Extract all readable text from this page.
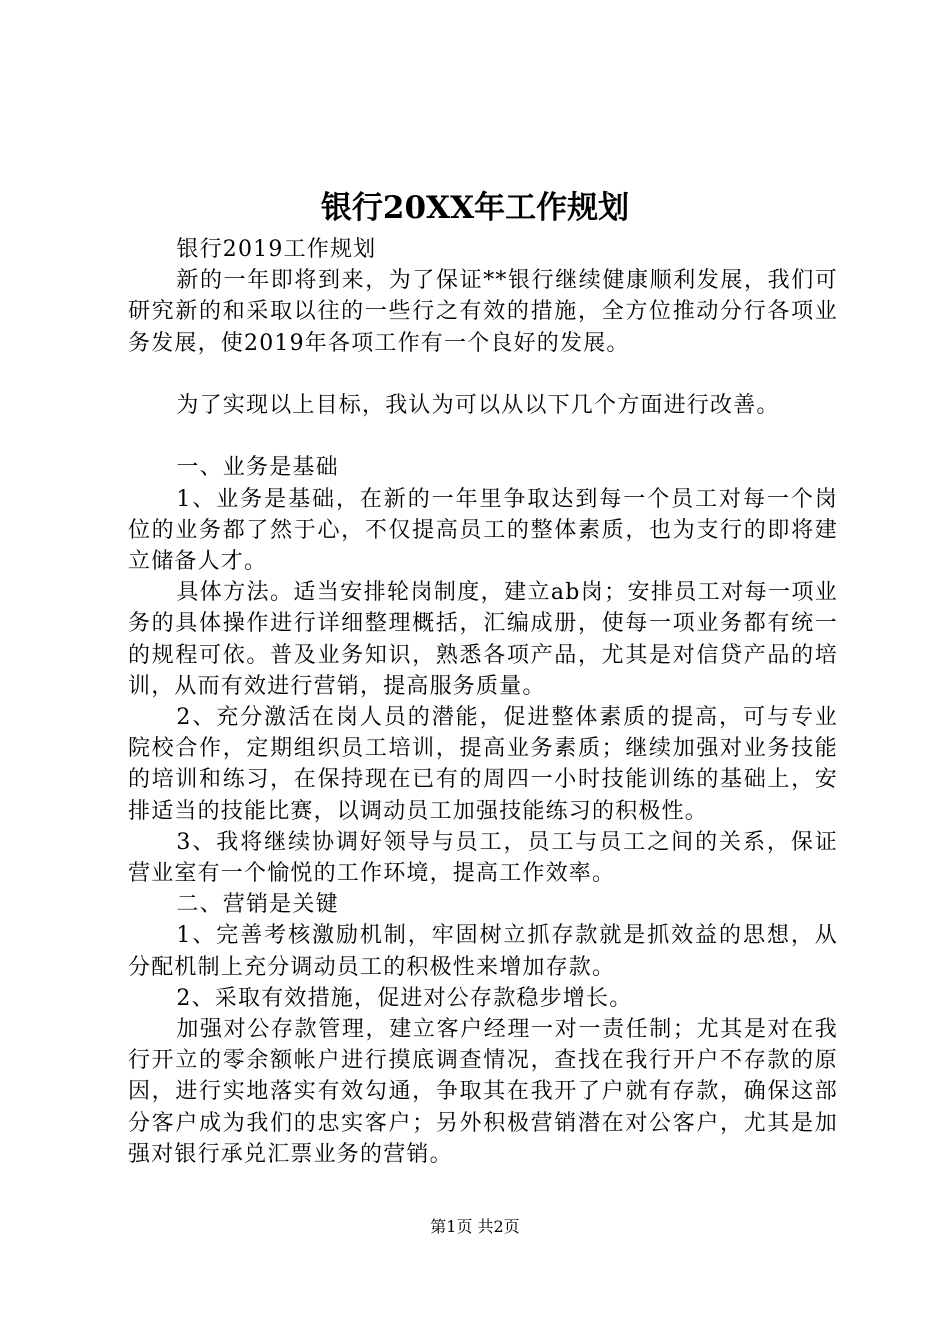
银行20XX年工作规划

银行2019工作规划

新的一年即将到来，为了保证**银行继续健康顺利发展，我们可研究新的和采取以往的一些行之有效的措施，全方位推动分行各项业务发展，使2019年各项工作有一个良好的发展。

为了实现以上目标，我认为可以从以下几个方面进行改善。

一、业务是基础

1、业务是基础，在新的一年里争取达到每一个员工对每一个岗位的业务都了然于心，不仅提高员工的整体素质，也为支行的即将建立储备人才。

具体方法。适当安排轮岗制度，建立ab岗；安排员工对每一项业务的具体操作进行详细整理概括，汇编成册，使每一项业务都有统一的规程可依。普及业务知识，熟悉各项产品，尤其是对信贷产品的培训，从而有效进行营销，提高服务质量。

2、充分激活在岗人员的潜能，促进整体素质的提高，可与专业院校合作，定期组织员工培训，提高业务素质；继续加强对业务技能的培训和练习，在保持现在已有的周四一小时技能训练的基础上，安排适当的技能比赛，以调动员工加强技能练习的积极性。

3、我将继续协调好领导与员工，员工与员工之间的关系，保证营业室有一个愉悦的工作环境，提高工作效率。

二、营销是关键

1、完善考核激励机制，牢固树立抓存款就是抓效益的思想，从分配机制上充分调动员工的积极性来增加存款。

2、采取有效措施，促进对公存款稳步增长。

加强对公存款管理，建立客户经理一对一责任制；尤其是对在我行开立的零余额帐户进行摸底调查情况，查找在我行开户不存款的原因，进行实地落实有效勾通，争取其在我开了户就有存款，确保这部分客户成为我们的忠实客户；另外积极营销潜在对公客户，尤其是加强对银行承兑汇票业务的营销。

第1页 共2页
